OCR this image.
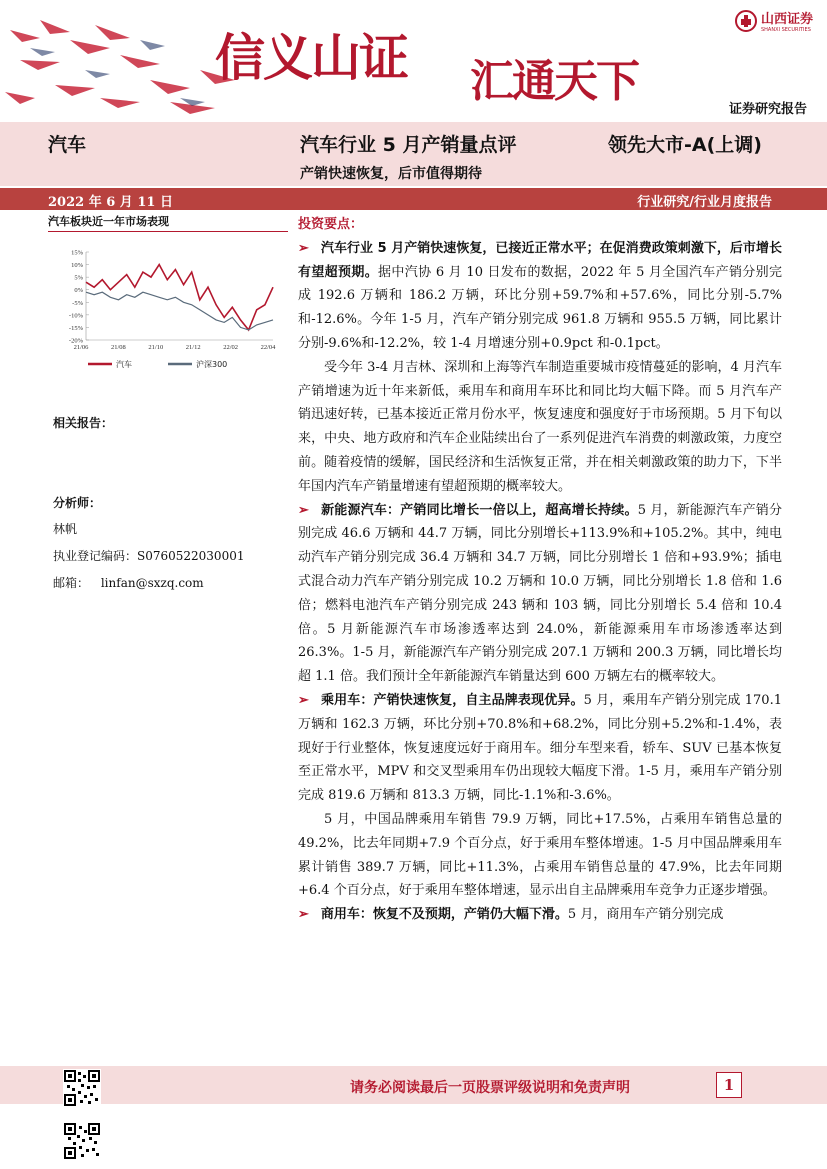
信义山证 汇通天下
山西证券
SHANXI SECURITIES
证券研究报告
汽车	汽车行业 5 月产销量点评	领先大市-A(上调)
产销快速恢复，后市值得期待
2022 年 6 月 11 日	行业研究/行业月度报告
汽车板块近一年市场表现
15%
10%
5%
0%
-5%
-10%
-15%
-20%
21/06	21/08	21/10	21/12	22/02	22/04
汽车	沪深300
相关报告：
分析师：
林帆
执业登记编码：S0760522030001
邮箱： linfan@sxzq.com

投资要点：

➢ 汽车行业 5 月产销快速恢复，已接近正常水平；在促消费政策刺激下，后市增长有望超预期。据中汽协 6 月 10 日发布的数据，2022 年 5 月全国汽车产销分别完成 192.6 万辆和 186.2 万辆，环比分别+59.7%和+57.6%，同比分别-5.7%和-12.6%。今年 1-5 月，汽车产销分别完成 961.8 万辆和 955.5 万辆，同比累计分别-9.6%和-12.2%，较 1-4 月增速分别+0.9pct 和-0.1pct。

受今年 3-4 月吉林、深圳和上海等汽车制造重要城市疫情蔓延的影响，4 月汽车产销增速为近十年来新低，乘用车和商用车环比和同比均大幅下降。而 5 月汽车产销迅速好转，已基本接近正常月份水平，恢复速度和强度好于市场预期。5 月下旬以来，中央、地方政府和汽车企业陆续出台了一系列促进汽车消费的刺激政策，力度空前。随着疫情的缓解，国民经济和生活恢复正常，并在相关刺激政策的助力下，下半年国内汽车产销量增速有望超预期的概率较大。

➢ 新能源汽车：产销同比增长一倍以上，超高增长持续。5 月，新能源汽车产销分别完成 46.6 万辆和 44.7 万辆，同比分别增长+113.9%和+105.2%。其中，纯电动汽车产销分别完成 36.4 万辆和 34.7 万辆，同比分别增长 1 倍和+93.9%；插电式混合动力汽车产销分别完成 10.2 万辆和 10.0 万辆，同比分别增长 1.8 倍和 1.6 倍；燃料电池汽车产销分别完成 243 辆和 103 辆，同比分别增长 5.4 倍和 10.4 倍。5 月新能源汽车市场渗透率达到 24.0%，新能源乘用车市场渗透率达到 26.3%。1-5 月，新能源汽车产销分别完成 207.1 万辆和 200.3 万辆，同比增长均超 1.1 倍。我们预计全年新能源汽车销量达到 600 万辆左右的概率较大。

➢ 乘用车：产销快速恢复，自主品牌表现优异。5 月，乘用车产销分别完成 170.1 万辆和 162.3 万辆，环比分别+70.8%和+68.2%，同比分别+5.2%和-1.4%，表现好于行业整体，恢复速度远好于商用车。细分车型来看，轿车、SUV 已基本恢复至正常水平，MPV 和交叉型乘用车仍出现较大幅度下滑。1-5 月，乘用车产销分别完成 819.6 万辆和 813.3 万辆，同比-1.1%和-3.6%。

5 月，中国品牌乘用车销售 79.9 万辆，同比+17.5%，占乘用车销售总量的 49.2%，比去年同期+7.9 个百分点，好于乘用车整体增速。1-5 月中国品牌乘用车累计销售 389.7 万辆，同比+11.3%，占乘用车销售总量的 47.9%，比去年同期+6.4 个百分点，好于乘用车整体增速，显示出自主品牌乘用车竞争力正逐步增强。

➢ 商用车：恢复不及预期，产销仍大幅下滑。5 月，商用车产销分别完成

请务必阅读最后一页股票评级说明和免责声明	1
